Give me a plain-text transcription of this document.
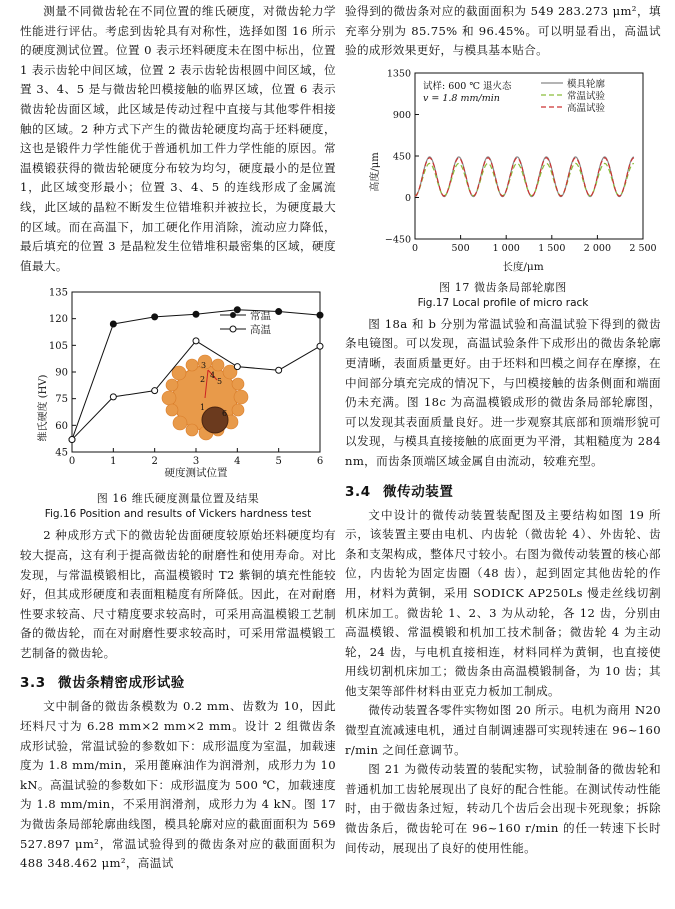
测量不同微齿轮在不同位置的维氏硬度，对微齿轮力学性能进行评估。考虑到齿轮具有对称性，选择如图 16 所示的硬度测试位置。位置 0 表示坯料硬度未在图中标出，位置 1 表示齿轮中间区域，位置 2 表示齿轮齿根圆中间区域，位置 3、4、5 是与微齿轮凹模接触的临界区域，位置 6 表示微齿轮齿面区域，此区域是传动过程中直接与其他零件相接触的区域。2 种方式下产生的微齿轮硬度均高于坯料硬度，这也是锻件力学性能优于普通机加工件力学性能的原因。常温模锻获得的微齿轮硬度分布较为均匀，硬度最小的是位置 1，此区域变形最小；位置 3、4、5 的连线形成了金属流线，此区域的晶粒不断发生位错堆积并被拉长，为硬度最大的区域。而在高温下，加工硬化作用消除，流动应力降低，最后填充的位置 3 是晶粒发生位错堆积最密集的区域，硬度值最大。

45
60
75
90
105
120
135
0	1	2	3	4	5	6
1
2
3
4
5
6
常温
高温
维氏硬度 (HV)
硬度测试位置
图 16 维氏硬度测量位置及结果
Fig.16 Position and results of Vickers hardness test

2 种成形方式下的微齿轮齿面硬度较原始坯料硬度均有较大提高，这有利于提高微齿轮的耐磨性和使用寿命。对比发现，与常温模锻相比，高温模锻时 T2 紫铜的填充性能较好，但其成形硬度和表面粗糙度有所降低。因此，在对耐磨性要求较高、尺寸精度要求较高时，可采用高温模锻工艺制备的微齿轮，而在对耐磨性要求较高时，可采用常温模锻工艺制备的微齿轮。

3.3 微齿条精密成形试验

文中制备的微齿条模数为 0.2 mm、齿数为 10，因此坯料尺寸为 6.28 mm×2 mm×2 mm。设计 2 组微齿条成形试验，常温试验的参数如下：成形温度为室温，加载速度为 1.8 mm/min，采用蓖麻油作为润滑剂，成形力为 10 kN。高温试验的参数如下：成形温度为 500 ℃，加载速度为 1.8 mm/min，不采用润滑剂，成形力为 4 kN。图 17 为微齿条局部轮廓曲线图，模具轮廓对应的截面面积为 569 527.897 μm²，常温试验得到的微齿条对应的截面面积为 488 348.462 μm²，高温试

验得到的微齿条对应的截面面积为 549 283.273 μm²，填充率分别为 85.75% 和 96.45%。可以明显看出，高温试验的成形效果更好，与模具基本贴合。

−450
0
450
900
1350
0	500 1 000 1 500 2 000 2 500
试样: 600 ℃ 退火态
v = 1.8 mm/min
模具轮廓
常温试验
高温试验
高度/μm
长度/μm
图 17 微齿条局部轮廓图
Fig.17 Local profile of micro rack

图 18a 和 b 分别为常温试验和高温试验下得到的微齿条电镜图。可以发现，高温试验条件下成形出的微齿条轮廓更清晰，表面质量更好。由于坯料和凹模之间存在摩擦，在中间部分填充完成的情况下，与凹模接触的齿条侧面和端面仍未充满。图 18c 为高温模锻成形的微齿条局部轮廓图，可以发现其表面质量良好。进一步观察其底部和顶端形貌可以发现，与模具直接接触的底面更为平滑，其粗糙度为 284 nm，而齿条顶端区域金属自由流动，较难充型。

3.4 微传动装置

文中设计的微传动装置装配图及主要结构如图 19 所示，该装置主要由电机、内齿轮（微齿轮 4）、外齿轮、齿条和支架构成，整体尺寸较小。右图为微传动装置的核心部位，内齿轮为固定齿圈（48 齿），起到固定其他齿轮的作用，材料为黄铜，采用 SODICK AP250Ls 慢走丝线切割机床加工。微齿轮 1、2、3 为从动轮，各 12 齿，分别由高温模锻、常温模锻和机加工技术制备；微齿轮 4 为主动轮，24 齿，与电机直接相连，材料同样为黄铜，也直接使用线切割机床加工；微齿条由高温模锻制备，为 10 齿；其他支架等部件材料由亚克力板加工制成。

微传动装置各零件实物如图 20 所示。电机为商用 N20 微型直流减速电机，通过自制调速器可实现转速在 96~160 r/min 之间任意调节。

图 21 为微传动装置的装配实物，试验制备的微齿轮和普通机加工齿轮展现出了良好的配合性能。在测试传动性能时，由于微齿条过短，转动几个齿后会出现卡死现象；拆除微齿条后，微齿轮可在 96~160 r/min 的任一转速下长时间传动，展现出了良好的使用性能。
